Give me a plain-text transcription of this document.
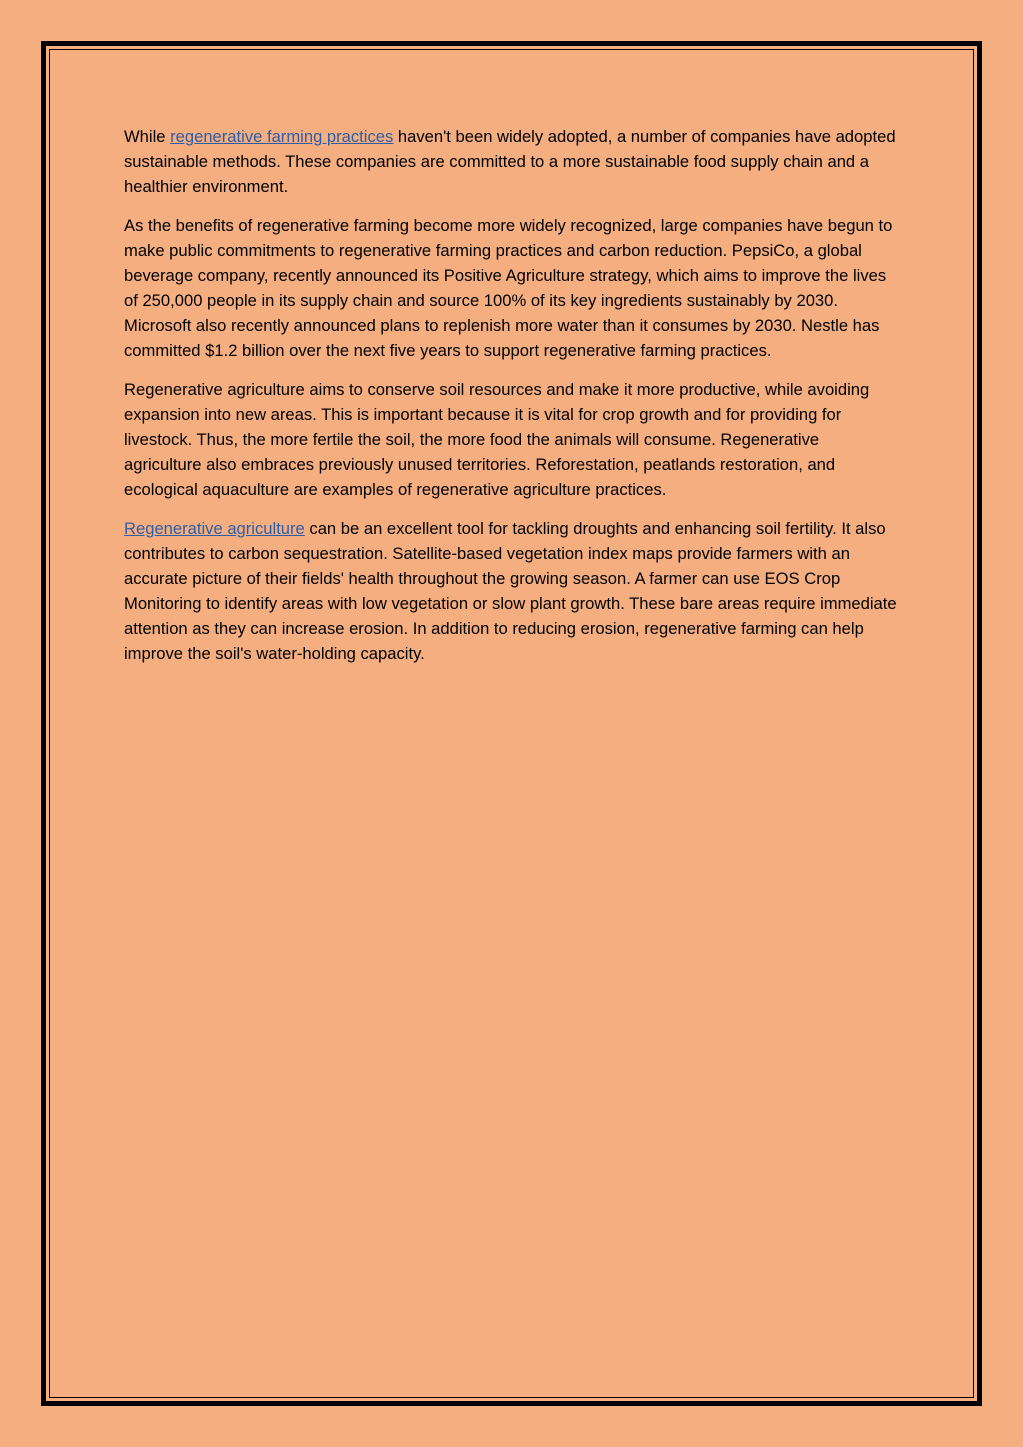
While regenerative farming practices haven't been widely adopted, a number of companies have adopted sustainable methods. These companies are committed to a more sustainable food supply chain and a healthier environment.

As the benefits of regenerative farming become more widely recognized, large companies have begun to make public commitments to regenerative farming practices and carbon reduction. PepsiCo, a global beverage company, recently announced its Positive Agriculture strategy, which aims to improve the lives of 250,000 people in its supply chain and source 100% of its key ingredients sustainably by 2030. Microsoft also recently announced plans to replenish more water than it consumes by 2030. Nestle has committed $1.2 billion over the next five years to support regenerative farming practices.

Regenerative agriculture aims to conserve soil resources and make it more productive, while avoiding expansion into new areas. This is important because it is vital for crop growth and for providing for livestock. Thus, the more fertile the soil, the more food the animals will consume. Regenerative agriculture also embraces previously unused territories. Reforestation, peatlands restoration, and ecological aquaculture are examples of regenerative agriculture practices.

Regenerative agriculture can be an excellent tool for tackling droughts and enhancing soil fertility. It also contributes to carbon sequestration. Satellite-based vegetation index maps provide farmers with an accurate picture of their fields' health throughout the growing season. A farmer can use EOS Crop Monitoring to identify areas with low vegetation or slow plant growth. These bare areas require immediate attention as they can increase erosion. In addition to reducing erosion, regenerative farming can help improve the soil's water-holding capacity.
